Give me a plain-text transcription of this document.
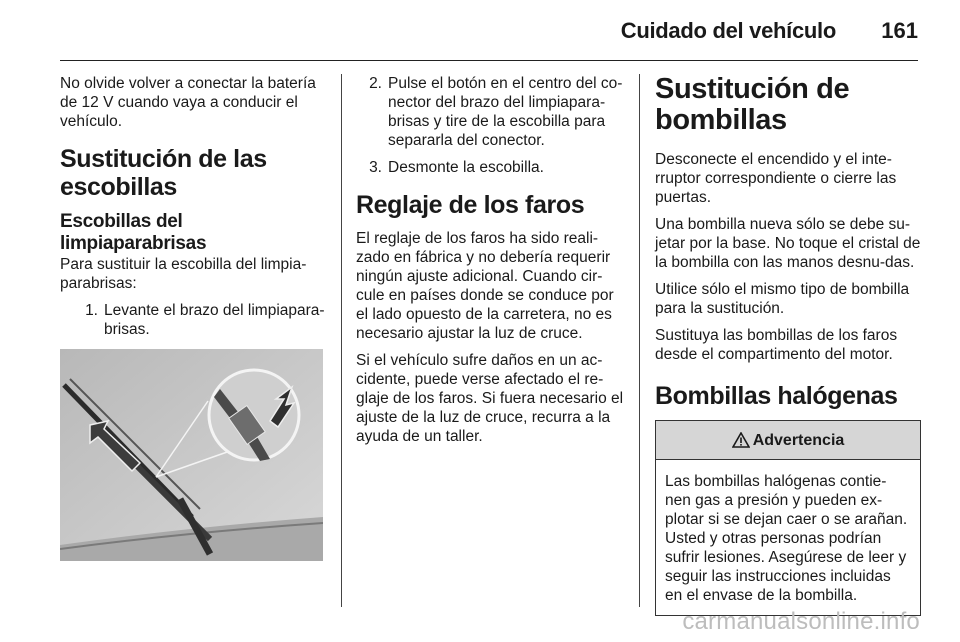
Cuidado del vehículo 161

No olvide volver a conectar la batería de 12 V cuando vaya a conducir el vehículo.

Sustitución de las escobillas
Escobillas del limpiaparabrisas

Para sustituir la escobilla del limpia-parabrisas:

1. Levante el brazo del limpiapara-brisas.
2. Pulse el botón en el centro del co-nector del brazo del limpiapara-brisas y tire de la escobilla para separarla del conector.
3. Desmonte la escobilla.
Reglaje de los faros

El reglaje de los faros ha sido reali-zado en fábrica y no debería requerir ningún ajuste adicional. Cuando cir-cule en países donde se conduce por el lado opuesto de la carretera, no es necesario ajustar la luz de cruce.

Si el vehículo sufre daños en un ac-cidente, puede verse afectado el re-glaje de los faros. Si fuera necesario el ajuste de la luz de cruce, recurra a la ayuda de un taller.

Sustitución de bombillas

Desconecte el encendido y el inte-rruptor correspondiente o cierre las puertas.

Una bombilla nueva sólo se debe su-jetar por la base. No toque el cristal de la bombilla con las manos desnu-das.

Utilice sólo el mismo tipo de bombilla para la sustitución.

Sustituya las bombillas de los faros desde el compartimento del motor.

Bombillas halógenas
Advertencia
Las bombillas halógenas contie-nen gas a presión y pueden ex-plotar si se dejan caer o se arañan. Usted y otras personas podrían sufrir lesiones. Asegúrese de leer y seguir las instrucciones incluidas en el envase de la bombilla.
carmanualsonline.info
